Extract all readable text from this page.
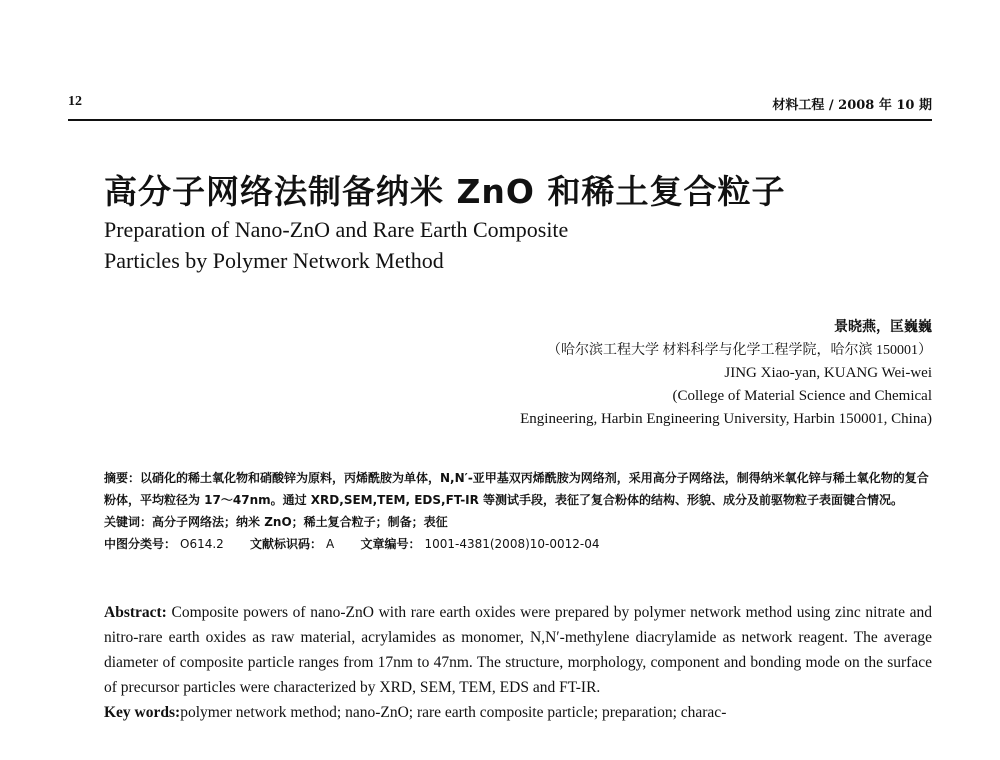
12	材料工程 / 2008 年 10 期
高分子网络法制备纳米 ZnO 和稀土复合粒子
Preparation of Nano-ZnO and Rare Earth Composite
Particles by Polymer Network Method
景晓燕，匡巍巍
（哈尔滨工程大学 材料科学与化学工程学院，哈尔滨 150001）
JING Xiao-yan, KUANG Wei-wei
(College of Material Science and Chemical
Engineering, Harbin Engineering University, Harbin 150001, China)

摘要：以硝化的稀土氧化物和硝酸锌为原料，丙烯酰胺为单体，N,N′-亚甲基双丙烯酰胺为网络剂，采用高分子网络法，制得纳米氧化锌与稀土氧化物的复合粉体，平均粒径为 17～47nm。通过 XRD,SEM,TEM, EDS,FT-IR 等测试手段，表征了复合粉体的结构、形貌、成分及前驱物粒子表面键合情况。

关键词：高分子网络法；纳米 ZnO；稀土复合粒子；制备；表征

中图分类号： O614.2 文献标识码： A 文章编号： 1001-4381(2008)10-0012-04

Abstract: Composite powers of nano-ZnO with rare earth oxides were prepared by polymer network method using zinc nitrate and nitro-rare earth oxides as raw material, acrylamides as monomer, N,N′-methylene diacrylamide as network reagent. The average diameter of composite particle ranges from 17nm to 47nm. The structure, morphology, component and bonding mode on the surface of precursor particles were characterized by XRD, SEM, TEM, EDS and FT-IR.

Key words:polymer network method; nano-ZnO; rare earth composite particle; preparation; charac-
